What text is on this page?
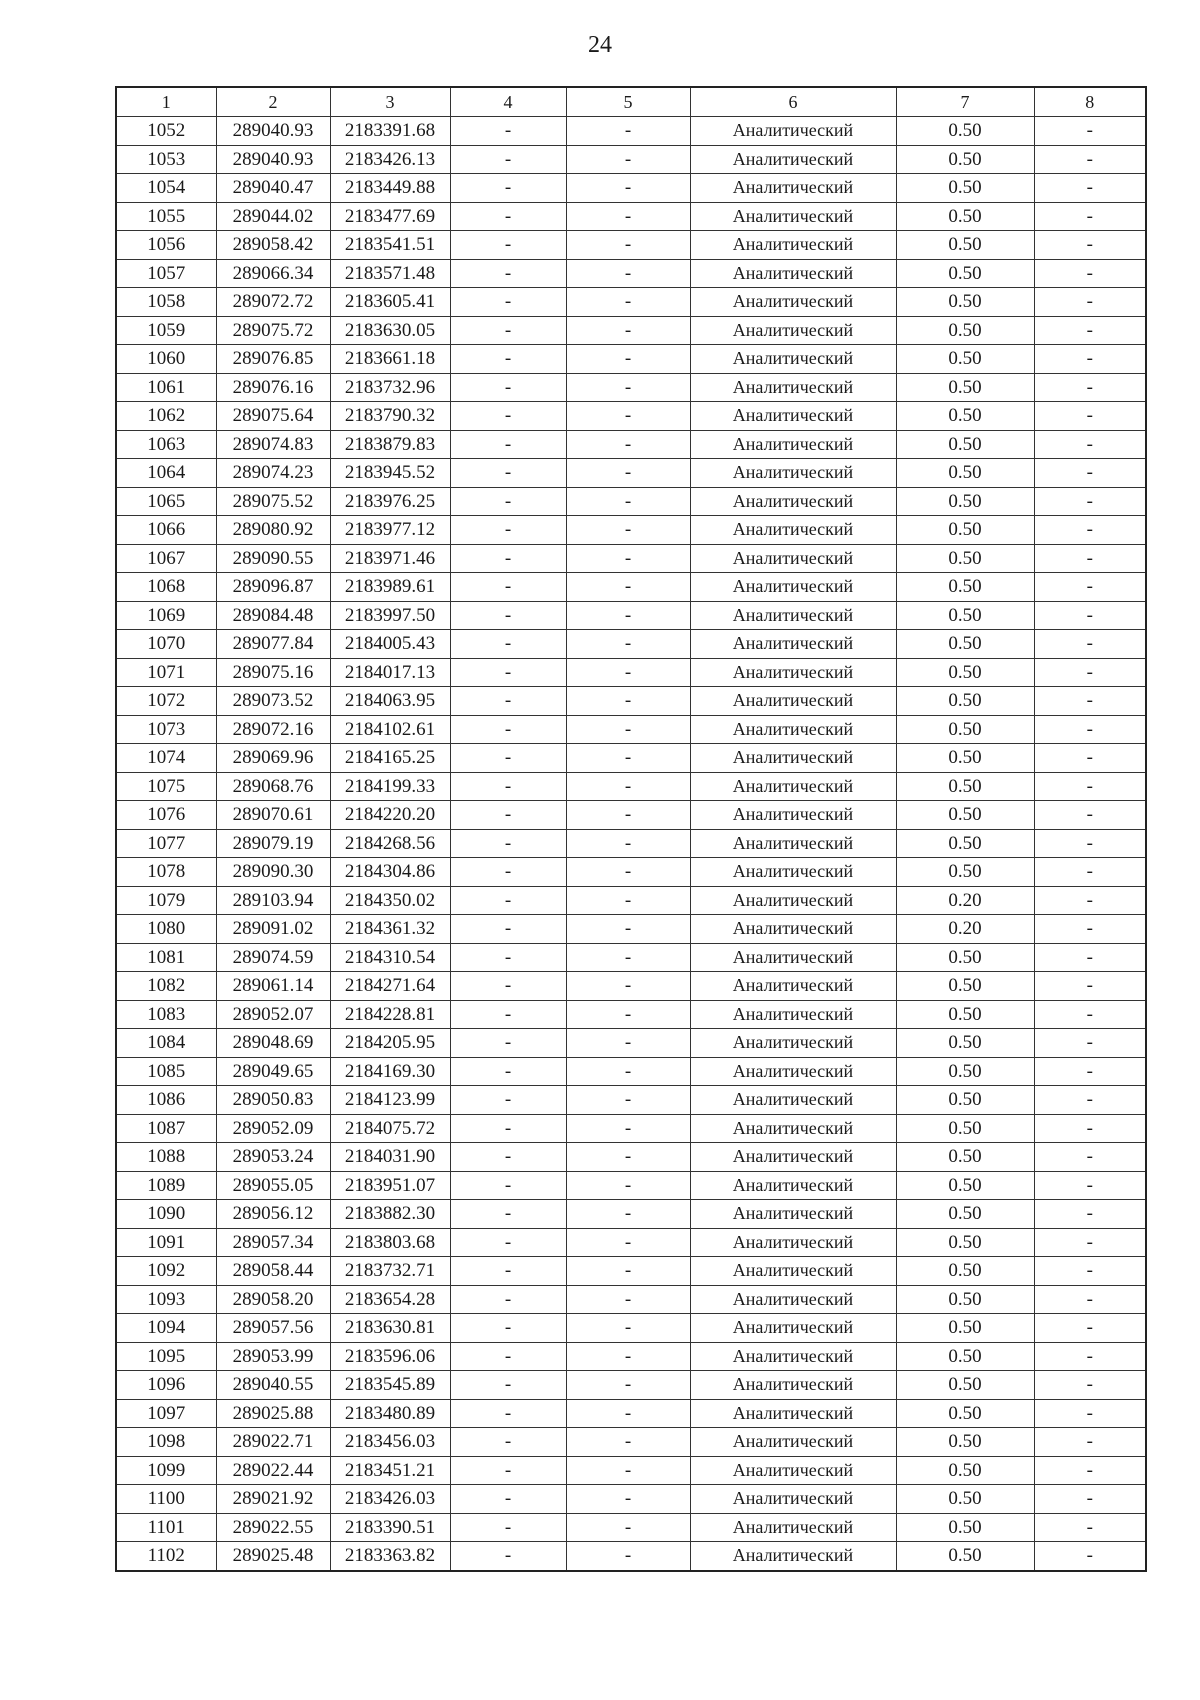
24
1	2	3	4	5	6	7	8
1052	289040.93	2183391.68	-	-	Аналитический	0.50	-
1053	289040.93	2183426.13	-	-	Аналитический	0.50	-
1054	289040.47	2183449.88	-	-	Аналитический	0.50	-
1055	289044.02	2183477.69	-	-	Аналитический	0.50	-
1056	289058.42	2183541.51	-	-	Аналитический	0.50	-
1057	289066.34	2183571.48	-	-	Аналитический	0.50	-
1058	289072.72	2183605.41	-	-	Аналитический	0.50	-
1059	289075.72	2183630.05	-	-	Аналитический	0.50	-
1060	289076.85	2183661.18	-	-	Аналитический	0.50	-
1061	289076.16	2183732.96	-	-	Аналитический	0.50	-
1062	289075.64	2183790.32	-	-	Аналитический	0.50	-
1063	289074.83	2183879.83	-	-	Аналитический	0.50	-
1064	289074.23	2183945.52	-	-	Аналитический	0.50	-
1065	289075.52	2183976.25	-	-	Аналитический	0.50	-
1066	289080.92	2183977.12	-	-	Аналитический	0.50	-
1067	289090.55	2183971.46	-	-	Аналитический	0.50	-
1068	289096.87	2183989.61	-	-	Аналитический	0.50	-
1069	289084.48	2183997.50	-	-	Аналитический	0.50	-
1070	289077.84	2184005.43	-	-	Аналитический	0.50	-
1071	289075.16	2184017.13	-	-	Аналитический	0.50	-
1072	289073.52	2184063.95	-	-	Аналитический	0.50	-
1073	289072.16	2184102.61	-	-	Аналитический	0.50	-
1074	289069.96	2184165.25	-	-	Аналитический	0.50	-
1075	289068.76	2184199.33	-	-	Аналитический	0.50	-
1076	289070.61	2184220.20	-	-	Аналитический	0.50	-
1077	289079.19	2184268.56	-	-	Аналитический	0.50	-
1078	289090.30	2184304.86	-	-	Аналитический	0.50	-
1079	289103.94	2184350.02	-	-	Аналитический	0.20	-
1080	289091.02	2184361.32	-	-	Аналитический	0.20	-
1081	289074.59	2184310.54	-	-	Аналитический	0.50	-
1082	289061.14	2184271.64	-	-	Аналитический	0.50	-
1083	289052.07	2184228.81	-	-	Аналитический	0.50	-
1084	289048.69	2184205.95	-	-	Аналитический	0.50	-
1085	289049.65	2184169.30	-	-	Аналитический	0.50	-
1086	289050.83	2184123.99	-	-	Аналитический	0.50	-
1087	289052.09	2184075.72	-	-	Аналитический	0.50	-
1088	289053.24	2184031.90	-	-	Аналитический	0.50	-
1089	289055.05	2183951.07	-	-	Аналитический	0.50	-
1090	289056.12	2183882.30	-	-	Аналитический	0.50	-
1091	289057.34	2183803.68	-	-	Аналитический	0.50	-
1092	289058.44	2183732.71	-	-	Аналитический	0.50	-
1093	289058.20	2183654.28	-	-	Аналитический	0.50	-
1094	289057.56	2183630.81	-	-	Аналитический	0.50	-
1095	289053.99	2183596.06	-	-	Аналитический	0.50	-
1096	289040.55	2183545.89	-	-	Аналитический	0.50	-
1097	289025.88	2183480.89	-	-	Аналитический	0.50	-
1098	289022.71	2183456.03	-	-	Аналитический	0.50	-
1099	289022.44	2183451.21	-	-	Аналитический	0.50	-
1100	289021.92	2183426.03	-	-	Аналитический	0.50	-
1101	289022.55	2183390.51	-	-	Аналитический	0.50	-
1102	289025.48	2183363.82	-	-	Аналитический	0.50	-
